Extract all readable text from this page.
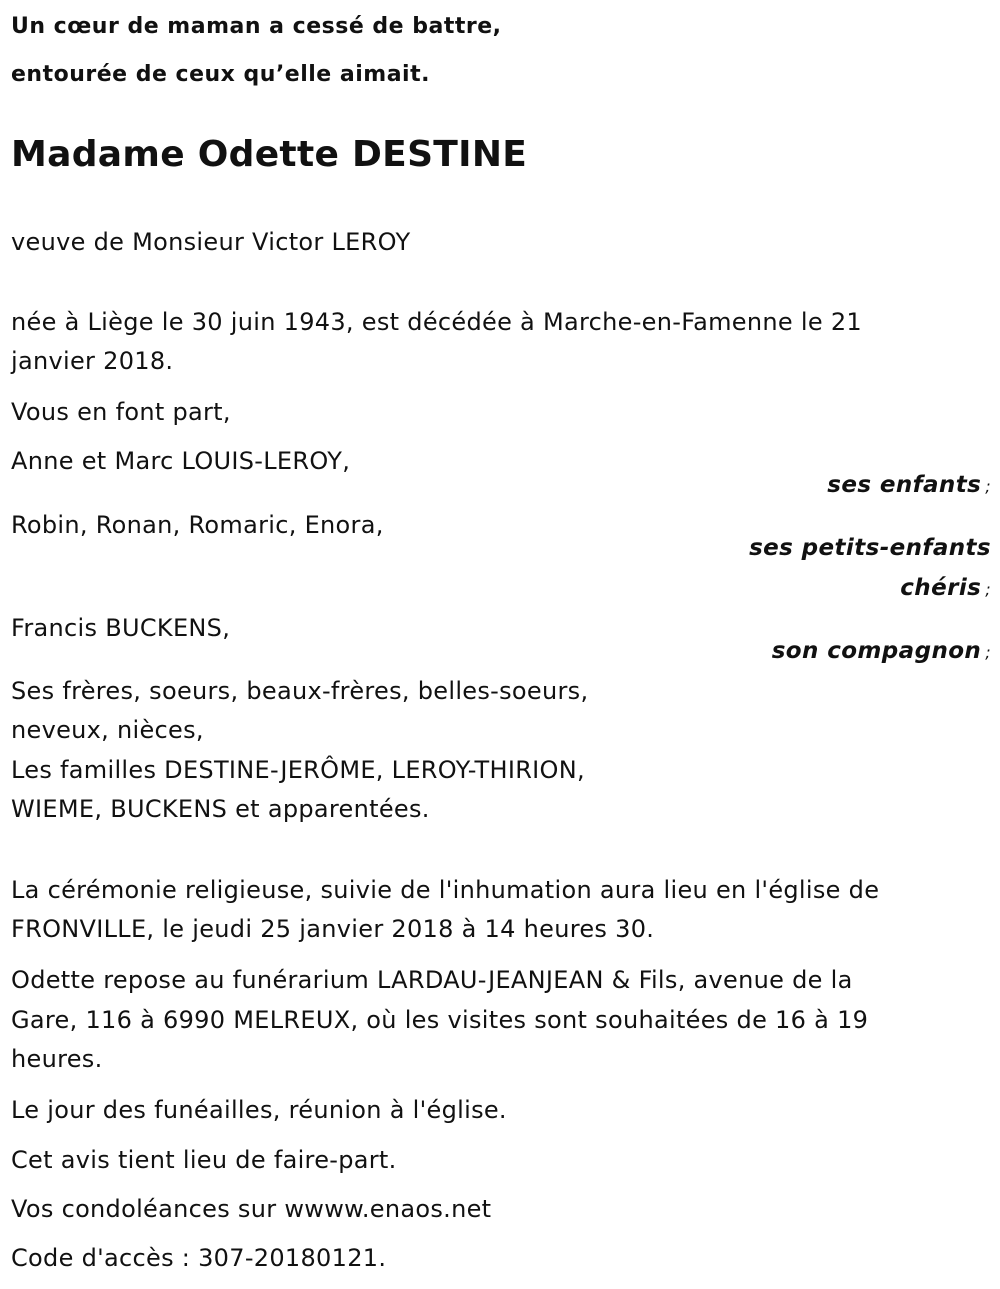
Un cœur de maman a cessé de battre,
entourée de ceux qu’elle aimait.
Madame Odette DESTINE
veuve de Monsieur Victor LEROY
née à Liège le 30 juin 1943, est décédée à Marche-en-Famenne le 21
janvier 2018.
Vous en font part,
Anne et Marc LOUIS-LEROY,
ses enfants ;
Robin, Ronan, Romaric, Enora,
ses petits-enfants
chéris ;
Francis BUCKENS,
son compagnon ;
Ses frères, soeurs, beaux-frères, belles-soeurs,
neveux, nièces,
Les familles DESTINE-JERÔME, LEROY-THIRION,
WIEME, BUCKENS et apparentées.
La cérémonie religieuse, suivie de l'inhumation aura lieu en l'église de
FRONVILLE, le jeudi 25 janvier 2018 à 14 heures 30.
Odette repose au funérarium LARDAU-JEANJEAN & Fils, avenue de la
Gare, 116 à 6990 MELREUX, où les visites sont souhaitées de 16 à 19
heures.
Le jour des funéailles, réunion à l'église.
Cet avis tient lieu de faire-part.
Vos condoléances sur wwww.enaos.net
Code d'accès : 307-20180121.
